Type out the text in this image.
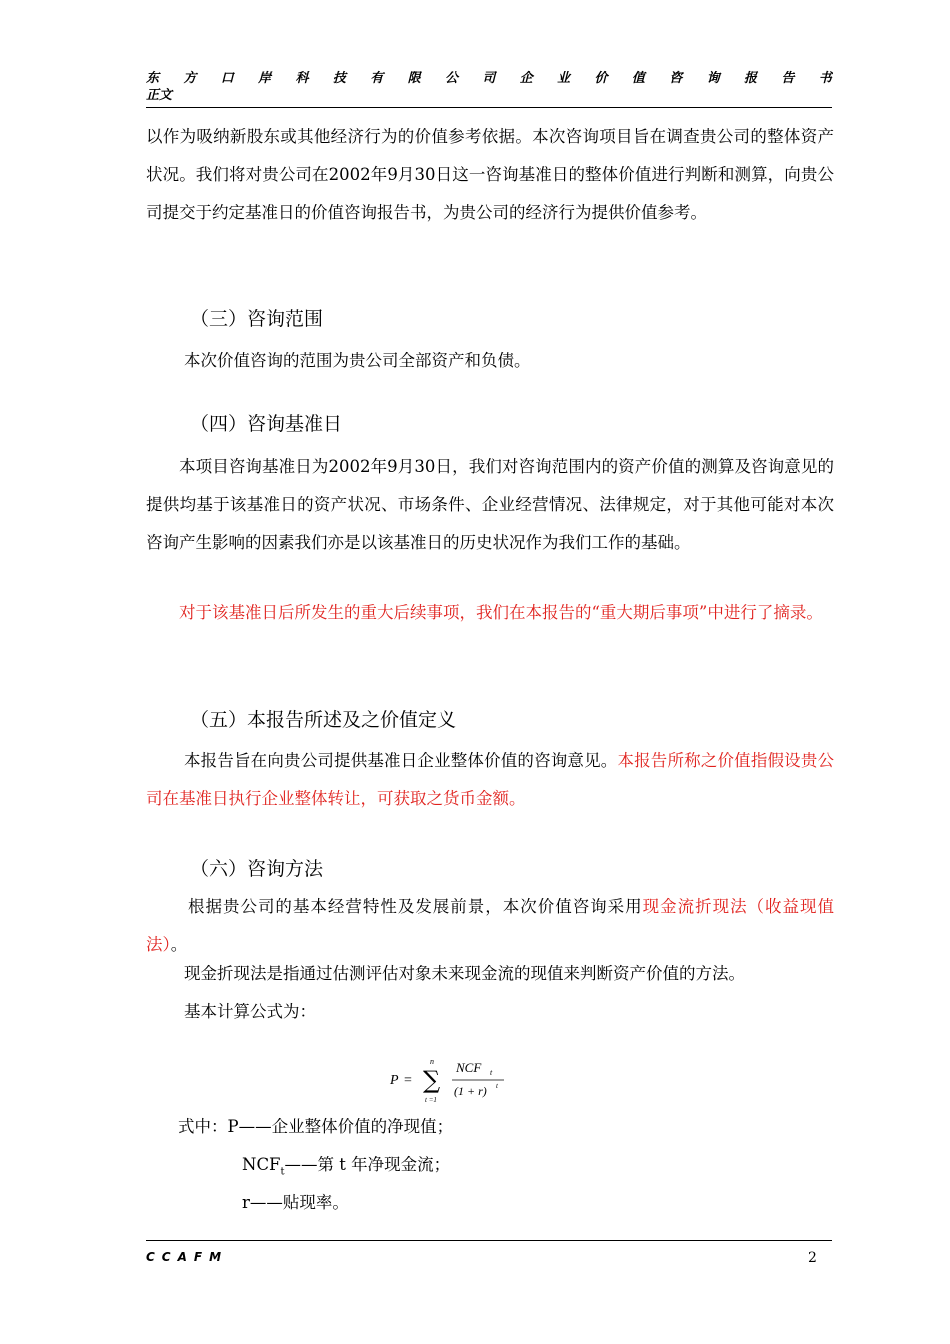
东 方 口 岸 科 技 有 限 公 司 企 业 价 值 咨 询 报 告 书
正文
以作为吸纳新股东或其他经济行为的价值参考依据。本次咨询项目旨在调查贵公司的整体资产状况。我们将对贵公司在2002年9月30日这一咨询基准日的整体价值进行判断和测算，向贵公司提交于约定基准日的价值咨询报告书，为贵公司的经济行为提供价值参考。
（三）咨询范围
本次价值咨询的范围为贵公司全部资产和负债。
（四）咨询基准日
本项目咨询基准日为2002年9月30日，我们对咨询范围内的资产价值的测算及咨询意见的提供均基于该基准日的资产状况、市场条件、企业经营情况、法律规定，对于其他可能对本次咨询产生影响的因素我们亦是以该基准日的历史状况作为我们工作的基础。
对于该基准日后所发生的重大后续事项，我们在本报告的“重大期后事项”中进行了摘录。
（五）本报告所述及之价值定义
本报告旨在向贵公司提供基准日企业整体价值的咨询意见。本报告所称之价值指假设贵公司在基准日执行企业整体转让，可获取之货币金额。
（六）咨询方法
根据贵公司的基本经营特性及发展前景，本次价值咨询采用现金流折现法（收益现值法）。
现金折现法是指通过估测评估对象未来现金流的现值来判断资产价值的方法。
基本计算公式为：
P =
n
∑
t =1
NCF t
(1 + r) t
式中：P——企业整体价值的净现值；
$NCF_t——$第 t 年净现金流；
r——贴现率。
CCAFM	2
